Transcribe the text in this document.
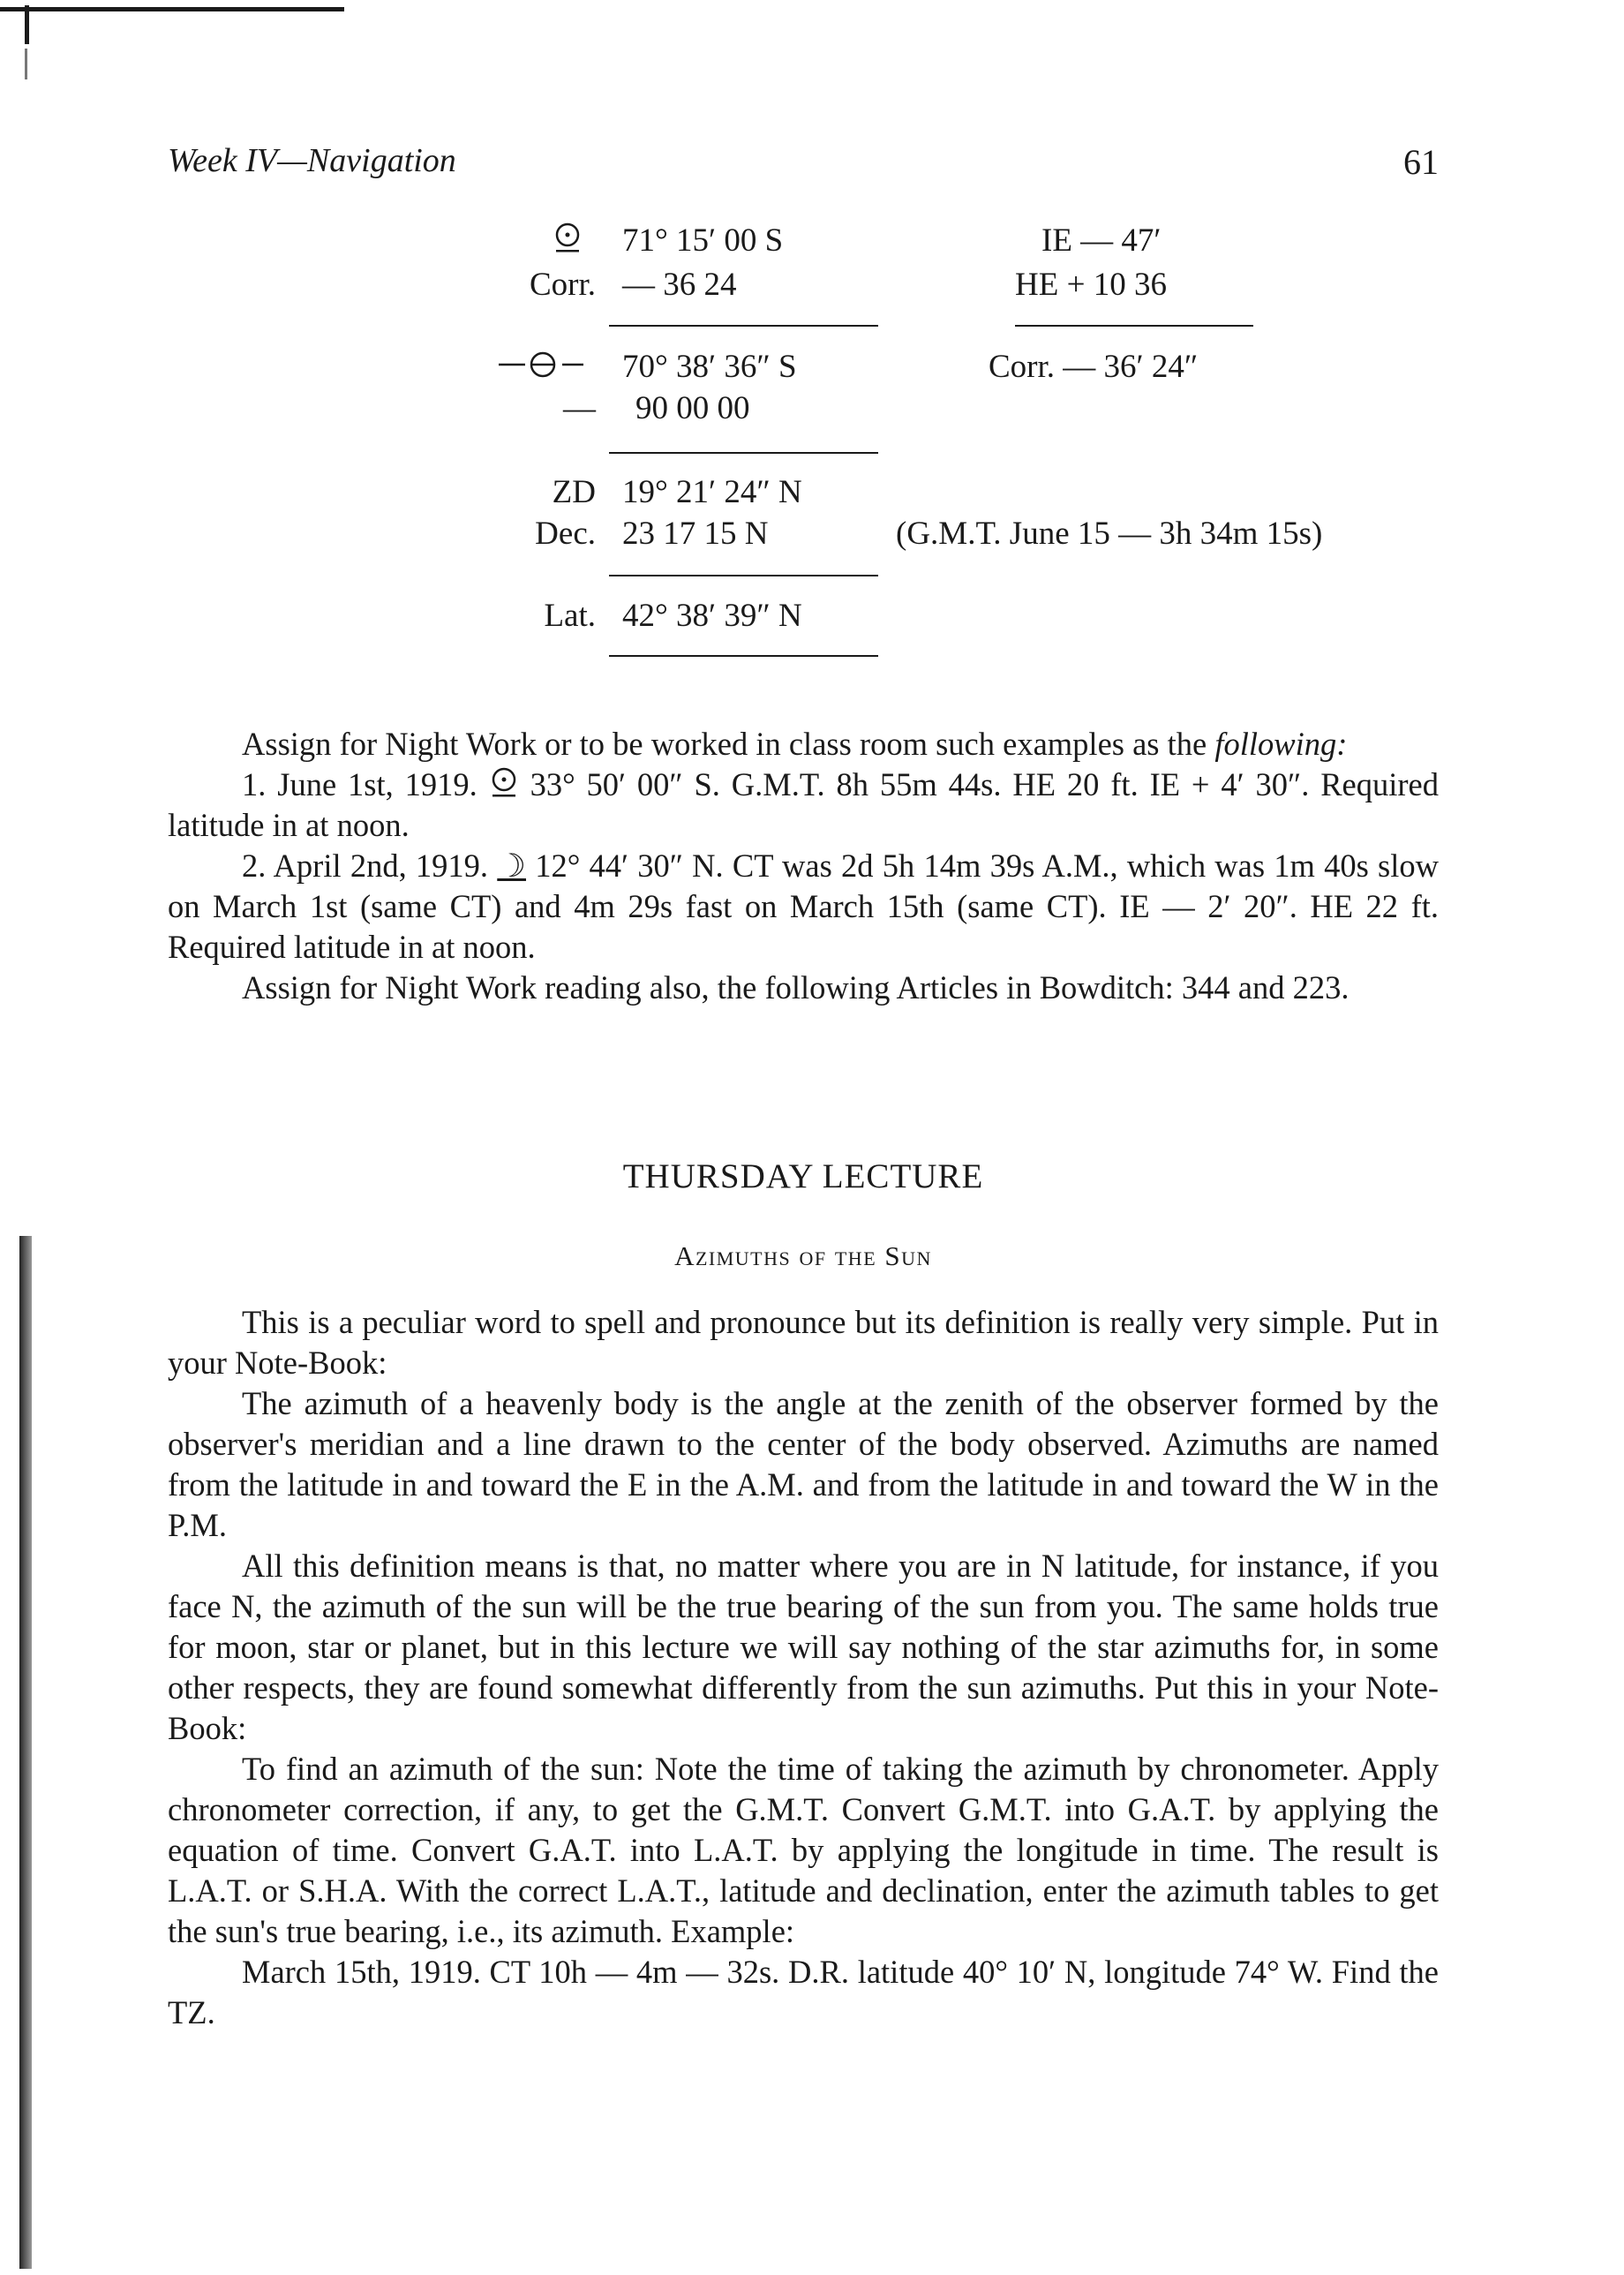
Week IV—Navigation	61
71° 15′ 00 S	IE — 47′
Corr. — 36 24	HE + 10 36
70° 38′ 36″ S	Corr. — 36′ 24″
— 90 00 00
ZD 19° 21′ 24″ N
Dec. 23 17 15 N	(G.M.T. June 15 — 3h 34m 15s)
Lat. 42° 38′ 39″ N

Assign for Night Work or to be worked in class room such examples as the following:

1. June 1st, 1919. 33° 50′ 00″ S. G.M.T. 8h 55m 44s. HE 20 ft. IE + 4′ 30″. Required latitude in at noon.

2. April 2nd, 1919. ☽ 12° 44′ 30″ N. CT was 2d 5h 14m 39s A.M., which was 1m 40s slow on March 1st (same CT) and 4m 29s fast on March 15th (same CT). IE — 2′ 20″. HE 22 ft. Required latitude in at noon.

Assign for Night Work reading also, the following Articles in Bowditch: 344 and 223.

THURSDAY LECTURE
Azimuths of the Sun

This is a peculiar word to spell and pronounce but its definition is really very simple. Put in your Note-Book:

The azimuth of a heavenly body is the angle at the zenith of the observer formed by the observer's meridian and a line drawn to the center of the body observed. Azimuths are named from the latitude in and toward the E in the A.M. and from the latitude in and toward the W in the P.M.

All this definition means is that, no matter where you are in N latitude, for instance, if you face N, the azimuth of the sun will be the true bearing of the sun from you. The same holds true for moon, star or planet, but in this lecture we will say nothing of the star azimuths for, in some other respects, they are found somewhat differently from the sun azimuths. Put this in your Note-Book:

To find an azimuth of the sun: Note the time of taking the azimuth by chronometer. Apply chronometer correction, if any, to get the G.M.T. Convert G.M.T. into G.A.T. by applying the equation of time. Convert G.A.T. into L.A.T. by applying the longitude in time. The result is L.A.T. or S.H.A. With the correct L.A.T., latitude and declination, enter the azimuth tables to get the sun's true bearing, i.e., its azimuth. Example:

March 15th, 1919. CT 10h — 4m — 32s. D.R. latitude 40° 10′ N, longitude 74° W. Find the TZ.
